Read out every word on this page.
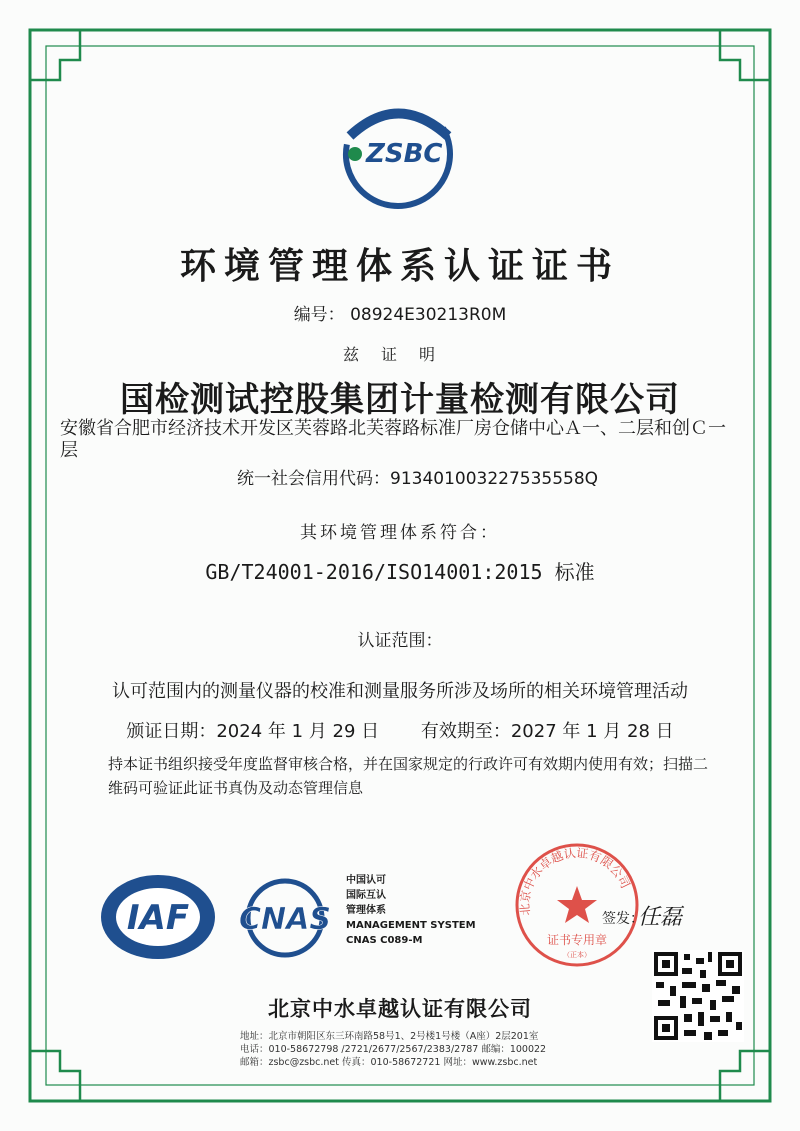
ZSBC
环境管理体系认证证书
编号： 08924E30213R0M
兹证明
国检测试控股集团计量检测有限公司
安徽省合肥市经济技术开发区芙蓉路北芙蓉路标准厂房仓储中心Ａ一、二层和创Ｃ一层
统一社会信用代码：913401003227535558Q
其环境管理体系符合：
GB/T24001-2016/ISO14001:2015 标准
认证范围：
认可范围内的测量仪器的校准和测量服务所涉及场所的相关环境管理活动
颁证日期：2024 年 1 月 29 日 有效期至：2027 年 1 月 28 日
持本证书组织接受年度监督审核合格，并在国家规定的行政许可有效期内使用有效；扫描二维码可验证此证书真伪及动态管理信息
IAF CNAS
中国认可
国际互认
管理体系
MANAGEMENT SYSTEM
CNAS C089-M
北京中水卓越认证有限公司
证书专用章
（正本）
签发：
任磊
北京中水卓越认证有限公司
地址：北京市朝阳区东三环南路58号1、2号楼1号楼（A座）2层201室
电话：010-58672798 /2721/2677/2567/2383/2787 邮编：100022
邮箱：zsbc@zsbc.net 传真：010-58672721 网址：www.zsbc.net
